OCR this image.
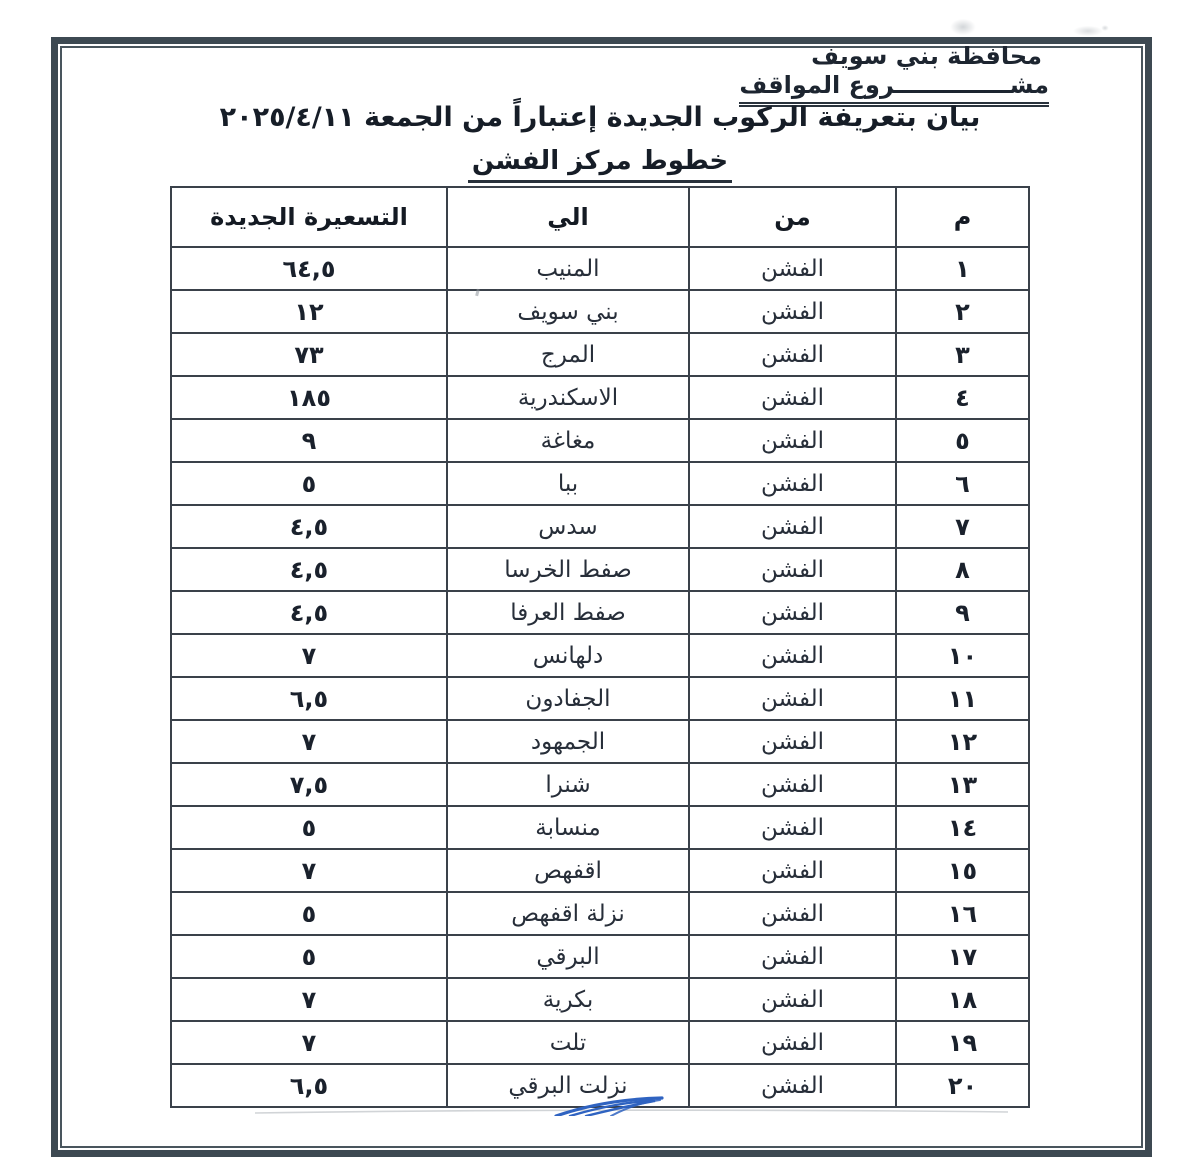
محافظة بني سويف
مشــــــــــــــروع المواقف
بيان بتعريفة الركوب الجديدة إعتباراً من الجمعة ٢٠٢٥/٤/١١
خطوط مركز الفشن
م	من	الي	التسعيرة الجديدة
١	الفشن	المنيب	٦٤,٥
٢	الفشن	بني سويف	١٢
٣	الفشن	المرج	٧٣
٤	الفشن	الاسكندرية	١٨٥
٥	الفشن	مغاغة	٩
٦	الفشن	ببا	٥
٧	الفشن	سدس	٤,٥
٨	الفشن	صفط الخرسا	٤,٥
٩	الفشن	صفط العرفا	٤,٥
١٠	الفشن	دلهانس	٧
١١	الفشن	الجفادون	٦,٥
١٢	الفشن	الجمهود	٧
١٣	الفشن	شنرا	٧,٥
١٤	الفشن	منسابة	٥
١٥	الفشن	اقفهص	٧
١٦	الفشن	نزلة اقفهص	٥
١٧	الفشن	البرقي	٥
١٨	الفشن	بكرية	٧
١٩	الفشن	تلت	٧
٢٠	الفشن	نزلت البرقي	٦,٥
